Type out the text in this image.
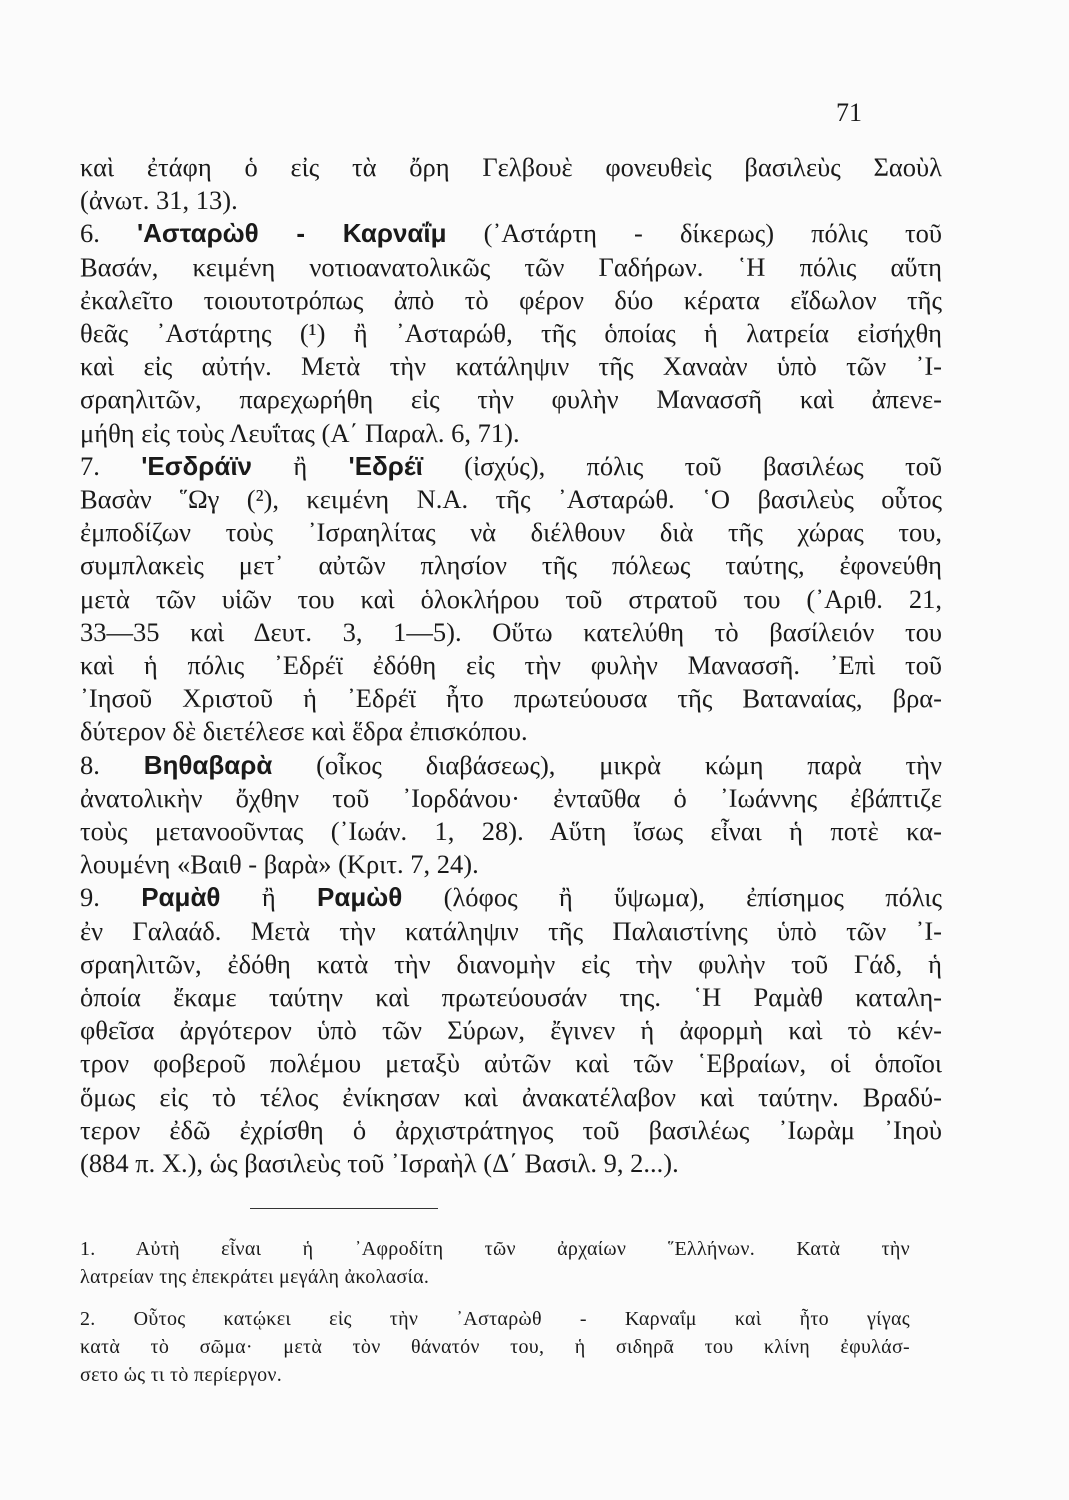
71
καὶ ἐτάφη ὁ εἰς τὰ ὄρη Γελβουὲ φονευθεὶς βασιλεὺς Σαοὺλ
(ἀνωτ. 31, 13).
6. 'Ασταρὼθ - Καρναΐμ (᾽Αστάρτη - δίκερως) πόλις τοῦ
Βασάν, κειμένη νοτιοανατολικῶς τῶν Γαδήρων. ῾Η πόλις αὕτη
ἐκαλεῖτο τοιουτοτρόπως ἀπὸ τὸ φέρον δύο κέρατα εἴδωλον τῆς
θεᾶς ᾽Αστάρτης (¹) ἢ ᾽Ασταρώθ, τῆς ὁποίας ἡ λατρεία εἰσήχθη
καὶ εἰς αὐτήν. Μετὰ τὴν κατάληψιν τῆς Χαναὰν ὑπὸ τῶν ᾽Ι-
σραηλιτῶν, παρεχωρήθη εἰς τὴν φυλὴν Μανασσῆ καὶ ἀπενε-
μήθη εἰς τοὺς Λευΐτας (Α΄ Παραλ. 6, 71).
7. 'Εσδράϊν ἢ 'Εδρέϊ (ἰσχύς), πόλις τοῦ βασιλέως τοῦ
Βασὰν ῞Ωγ (²), κειμένη Ν.Α. τῆς ᾽Ασταρώθ. ῾Ο βασιλεὺς οὗτος
ἐμποδίζων τοὺς ᾽Ισραηλίτας νὰ διέλθουν διὰ τῆς χώρας του,
συμπλακεὶς μετ᾽ αὐτῶν πλησίον τῆς πόλεως ταύτης, ἐφονεύθη
μετὰ τῶν υἱῶν του καὶ ὁλοκλήρου τοῦ στρατοῦ του (᾽Αριθ. 21,
33—35 καὶ Δευτ. 3, 1—5). Οὕτω κατελύθη τὸ βασίλειόν του
καὶ ἡ πόλις ᾽Εδρέϊ ἐδόθη εἰς τὴν φυλὴν Μανασσῆ. ᾽Επὶ τοῦ
᾽Ιησοῦ Χριστοῦ ἡ ᾽Εδρέϊ ἦτο πρωτεύουσα τῆς Βαταναίας, βρα-
δύτερον δὲ διετέλεσε καὶ ἕδρα ἐπισκόπου.
8. Βηθαβαρὰ (οἶκος διαβάσεως), μικρὰ κώμη παρὰ τὴν
ἀνατολικὴν ὄχθην τοῦ ᾽Ιορδάνου· ἐνταῦθα ὁ ᾽Ιωάννης ἐβάπτιζε
τοὺς μετανοοῦντας (᾽Ιωάν. 1, 28). Αὕτη ἴσως εἶναι ἡ ποτὲ κα-
λουμένη «Βαιθ - βαρὰ» (Κριτ. 7, 24).
9. Ραμὰθ ἢ Ραμὼθ (λόφος ἢ ὕψωμα), ἐπίσημος πόλις
ἐν Γαλαάδ. Μετὰ τὴν κατάληψιν τῆς Παλαιστίνης ὑπὸ τῶν ᾽Ι-
σραηλιτῶν, ἐδόθη κατὰ τὴν διανομὴν εἰς τὴν φυλὴν τοῦ Γάδ, ἡ
ὁποία ἔκαμε ταύτην καὶ πρωτεύουσάν της. ῾Η Ραμὰθ καταλη-
φθεῖσα ἀργότερον ὑπὸ τῶν Σύρων, ἔγινεν ἡ ἀφορμὴ καὶ τὸ κέν-
τρον φοβεροῦ πολέμου μεταξὺ αὐτῶν καὶ τῶν ῾Εβραίων, οἱ ὁποῖοι
ὅμως εἰς τὸ τέλος ἐνίκησαν καὶ ἀνακατέλαβον καὶ ταύτην. Βραδύ-
τερον ἐδῶ ἐχρίσθη ὁ ἀρχιστράτηγος τοῦ βασιλέως ᾽Ιωρὰμ ᾽Ιηοὺ
(884 π. Χ.), ὡς βασιλεὺς τοῦ ᾽Ισραὴλ (Δ΄ Βασιλ. 9, 2...).
1. Αὐτὴ εἶναι ἡ ᾽Αφροδίτη τῶν ἀρχαίων ῞Ελλήνων. Κατὰ τὴν
λατρείαν της ἐπεκράτει μεγάλη ἀκολασία.
2. Οὗτος κατῴκει εἰς τὴν ᾽Ασταρὼθ - Καρναΐμ καὶ ἦτο γίγας
κατὰ τὸ σῶμα· μετὰ τὸν θάνατόν του, ἡ σιδηρᾶ του κλίνη ἐφυλάσ-
σετο ὡς τι τὸ περίεργον.
